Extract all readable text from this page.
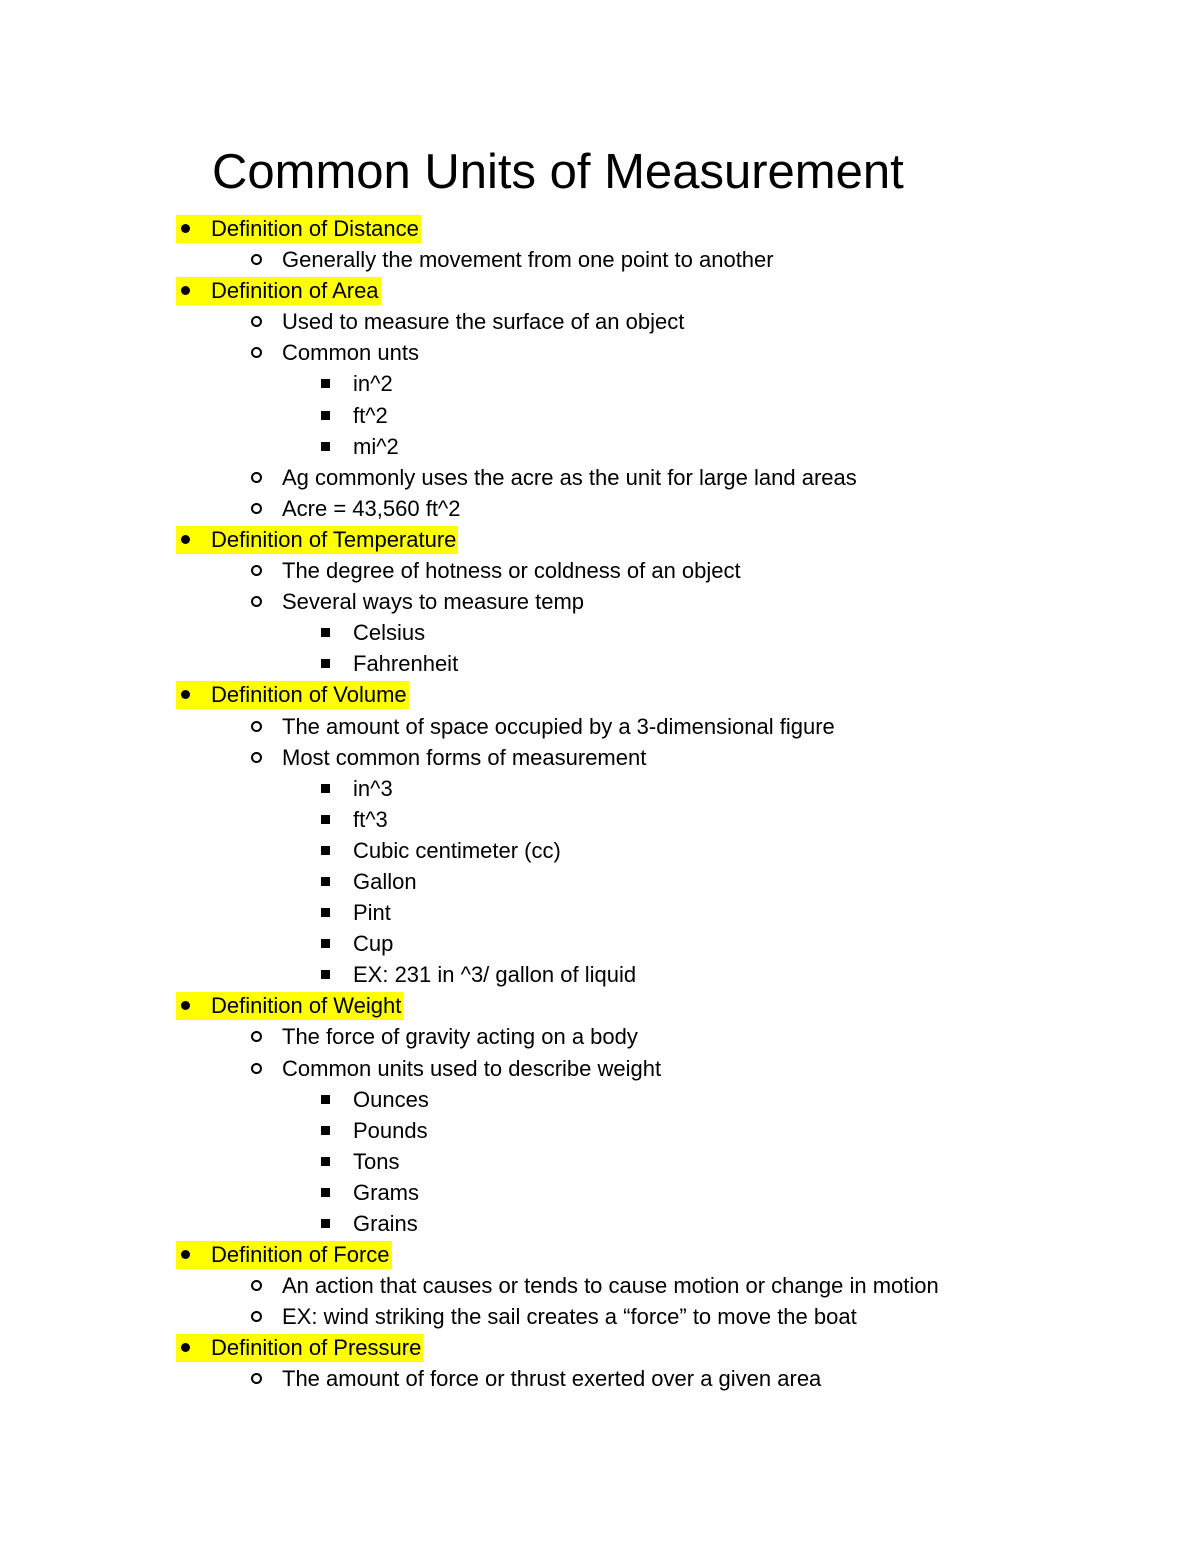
Common Units of Measurement
Definition of Distance
Generally the movement from one point to another
Definition of Area
Used to measure the surface of an object
Common unts
in^2
ft^2
mi^2
Ag commonly uses the acre as the unit for large land areas
Acre = 43,560 ft^2
Definition of Temperature
The degree of hotness or coldness of an object
Several ways to measure temp
Celsius
Fahrenheit
Definition of Volume
The amount of space occupied by a 3-dimensional figure
Most common forms of measurement
in^3
ft^3
Cubic centimeter (cc)
Gallon
Pint
Cup
EX: 231 in ^3/ gallon of liquid
Definition of Weight
The force of gravity acting on a body
Common units used to describe weight
Ounces
Pounds
Tons
Grams
Grains
Definition of Force
An action that causes or tends to cause motion or change in motion
EX: wind striking the sail creates a “force” to move the boat
Definition of Pressure
The amount of force or thrust exerted over a given area
